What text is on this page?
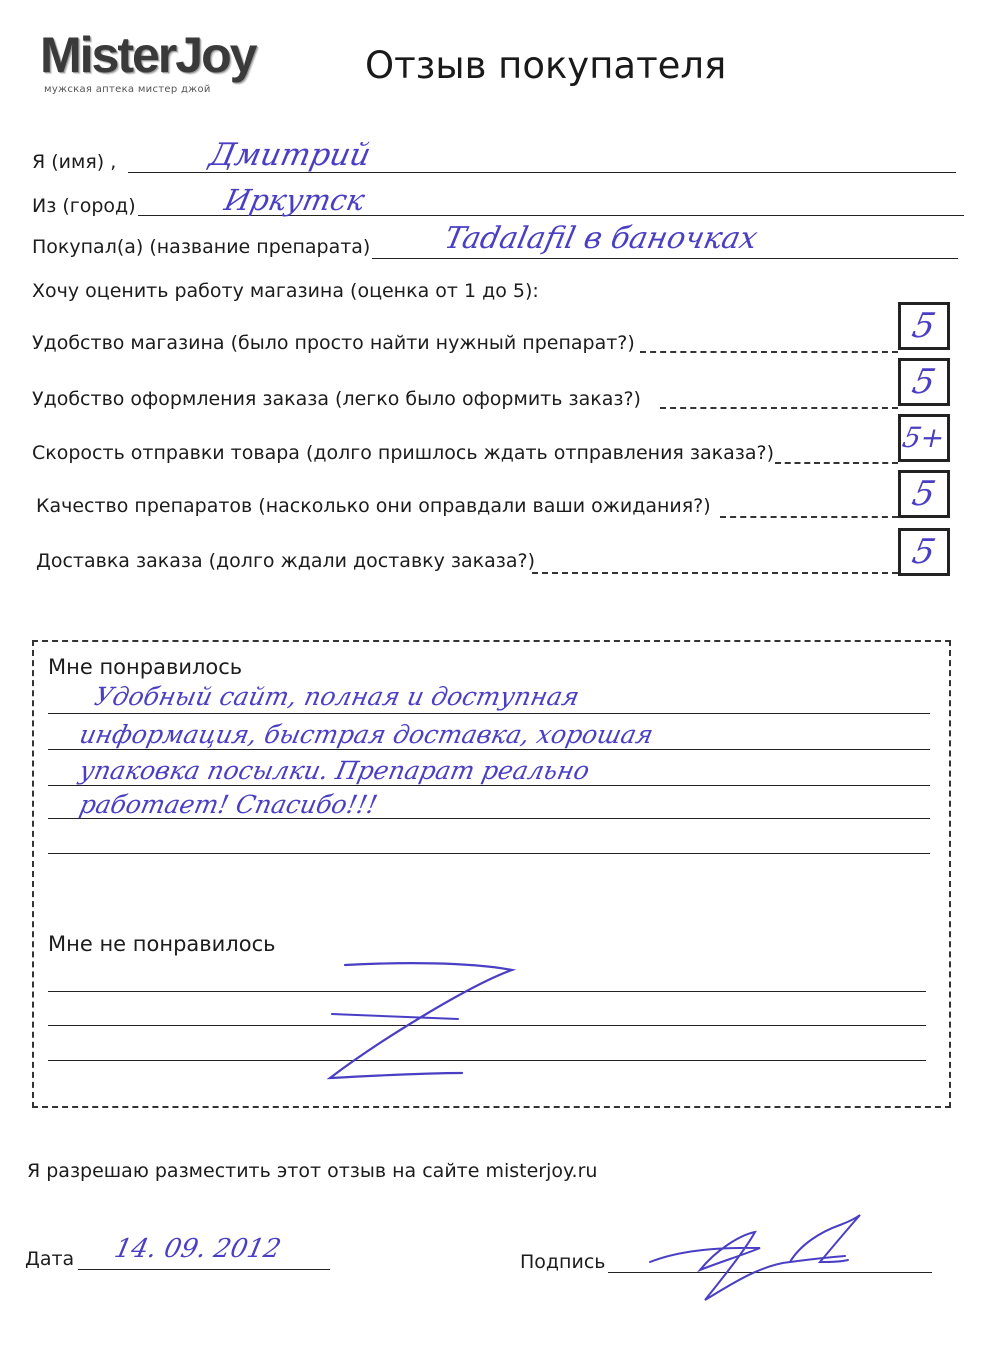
MisterJoy
мужская аптека мистер джой
Отзыв покупателя
Я (имя) ,	Дмитрий
Из (город)	Иркутск
Покупал(а) (название препарата) Tadalafil в баночках
Хочу оценить работу магазина (оценка от 1 до 5):
Удобство магазина (было просто найти нужный препарат?)	5
Удобство оформления заказа (легко было оформить заказ?)	5
Скорость отправки товара (долго пришлось ждать отправления заказа?)	5+
Качество препаратов (насколько они оправдали ваши ожидания?)	5
Доставка заказа (долго ждали доставку заказа?)	5
Мне понравилось
Удобный сайт, полная и доступная
информация, быстрая доставка, хорошая
упаковка посылки. Препарат реально
работает! Спасибо!!!
Мне не понравилось
Я разрешаю разместить этот отзыв на сайте misterjoy.ru
Дата 14. 09. 2012	Подпись
